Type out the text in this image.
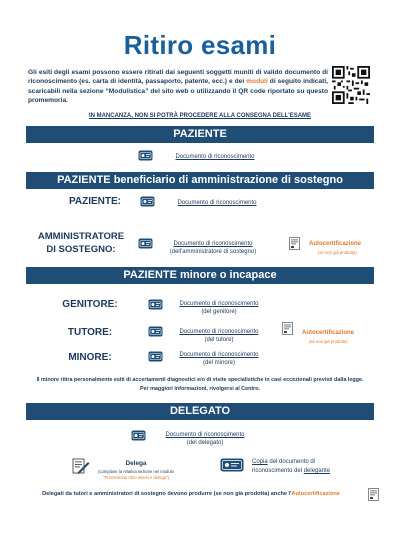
Ritiro esami
Gli esiti degli esami possono essere ritirati dai seguenti soggetti muniti di valido documento di riconoscimento (es. carta di identità, passaporto, patente, ecc.) e dei moduli di seguito indicati, scaricabili nella sezione “Modulistica” del sito web o utilizzando il QR code riportato su questo promemoria.
IN MANCANZA, NON SI POTRÀ PROCEDERE ALLA CONSEGNA DELL'ESAME
PAZIENTE
Documento di riconoscimento
PAZIENTE beneficiario di amministrazione di sostegno
PAZIENTE:	Documento di riconoscimento
AMMINISTRATORE
DI SOSTEGNO:	Documento di riconoscimento
(dell'amministratore di sostegno)
Autocertificazione
(se non già prodotta)
PAZIENTE minore o incapace
GENITORE:	Documento di riconoscimento
(del genitore)
TUTORE:	Documento di riconoscimento
(del tutore)
Autocertificazione
(se non già prodotta)
MINORE:	Documento di riconoscimento
(del minore)
Il minore ritira personalmente esiti di accertamenti diagnostici e/o di visite specialistiche in casi eccezionali previsti dalla legge.
Per maggiori informazioni, rivolgersi al Centro.
DELEGATO
Documento di riconoscimento
(del delegato)
Delega
(compilare la relativa sezione nel modulo
"Promemoria ritiro esami e delega")
Copia del documento di
riconoscimento del delegante
Delegati da tutori e amministratori di sostegno devono produrre (se non già prodotta) anche l'Autocertificazione
